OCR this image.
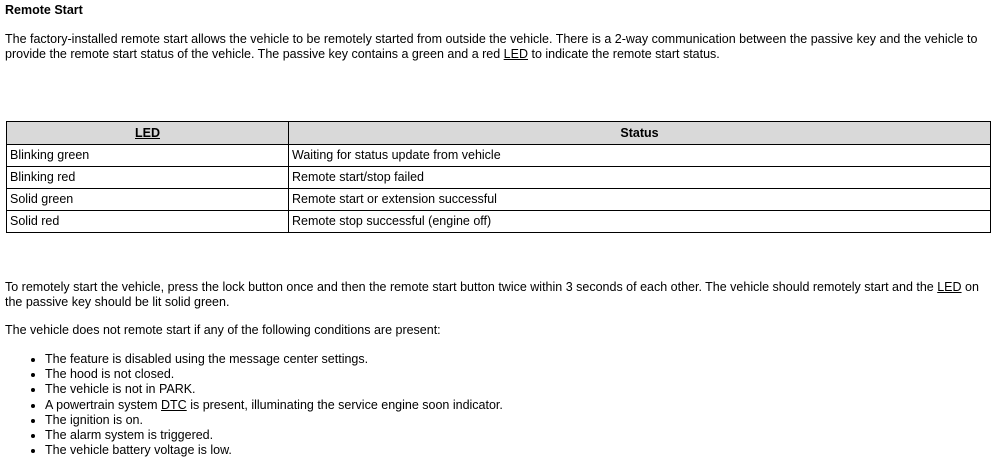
Remote Start
The factory-installed remote start allows the vehicle to be remotely started from outside the vehicle. There is a 2-way communication between the passive key and the vehicle to provide the remote start status of the vehicle. The passive key contains a green and a red LED to indicate the remote start status.
LED	Status
Blinking green	Waiting for status update from vehicle
Blinking red	Remote start/stop failed
Solid green	Remote start or extension successful
Solid red	Remote stop successful (engine off)
To remotely start the vehicle, press the lock button once and then the remote start button twice within 3 seconds of each other. The vehicle should remotely start and the LED on the passive key should be lit solid green.
The vehicle does not remote start if any of the following conditions are present:
• The feature is disabled using the message center settings.
• The hood is not closed.
• The vehicle is not in PARK.
• A powertrain system DTC is present, illuminating the service engine soon indicator.
• The ignition is on.
• The alarm system is triggered.
• The vehicle battery voltage is low.
